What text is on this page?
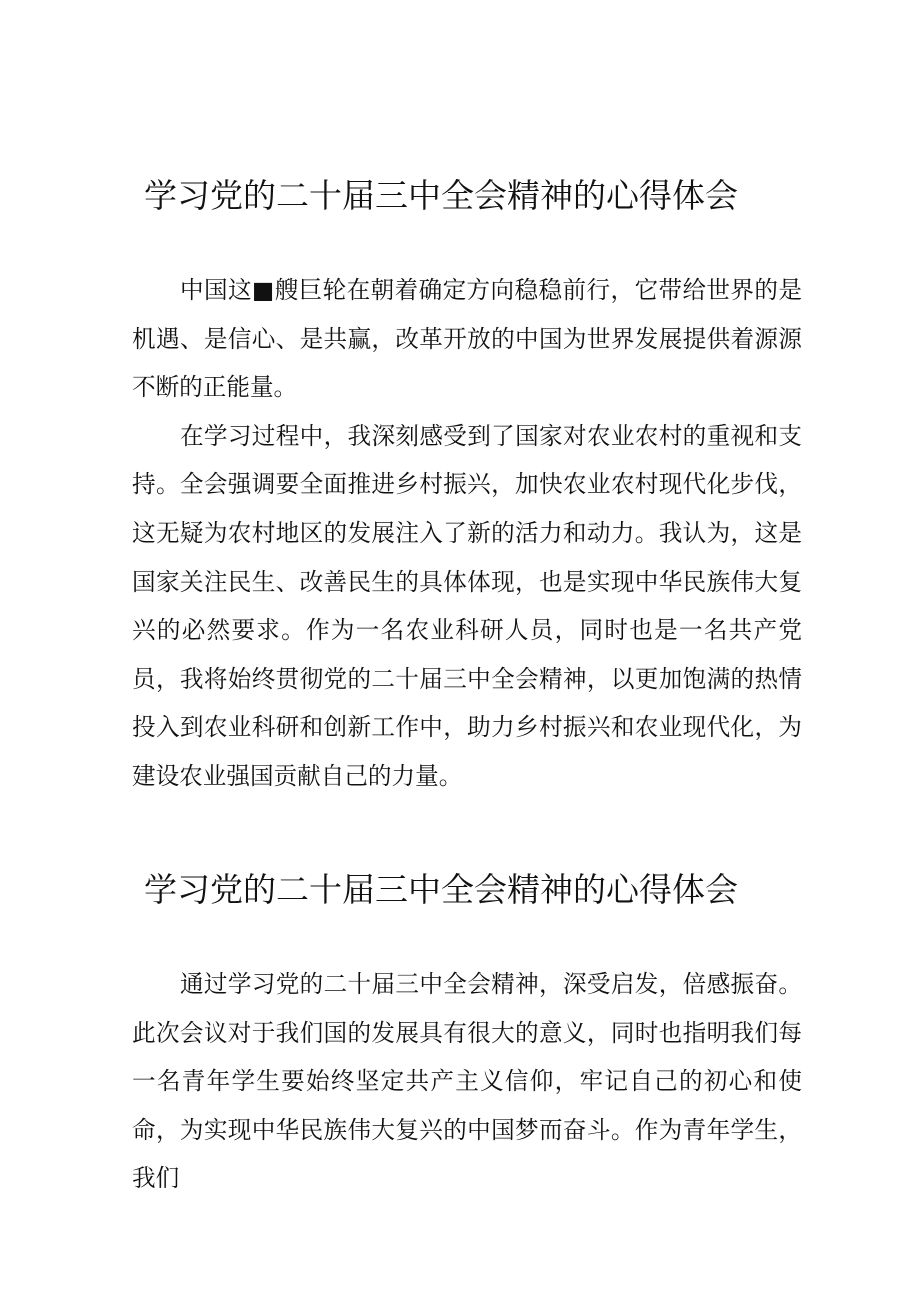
学习党的二十届三中全会精神的心得体会

中国这■艘巨轮在朝着确定方向稳稳前行，它带给世界的是机遇、是信心、是共赢，改革开放的中国为世界发展提供着源源不断的正能量。

在学习过程中，我深刻感受到了国家对农业农村的重视和支持。全会强调要全面推进乡村振兴，加快农业农村现代化步伐，这无疑为农村地区的发展注入了新的活力和动力。我认为，这是国家关注民生、改善民生的具体体现，也是实现中华民族伟大复兴的必然要求。作为一名农业科研人员，同时也是一名共产党员，我将始终贯彻党的二十届三中全会精神，以更加饱满的热情投入到农业科研和创新工作中，助力乡村振兴和农业现代化，为建设农业强国贡献自己的力量。

学习党的二十届三中全会精神的心得体会

通过学习党的二十届三中全会精神，深受启发，倍感振奋。此次会议对于我们国的发展具有很大的意义，同时也指明我们每一名青年学生要始终坚定共产主义信仰，牢记自己的初心和使命，为实现中华民族伟大复兴的中国梦而奋斗。作为青年学生，我们
